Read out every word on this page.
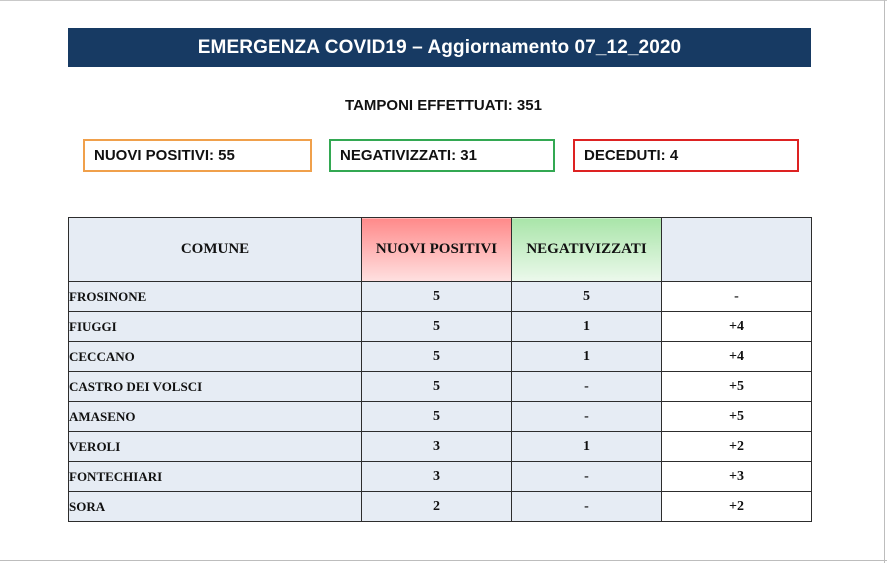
EMERGENZA COVID19 – Aggiornamento 07_12_2020
TAMPONI EFFETTUATI: 351
NUOVI POSITIVI: 55	NEGATIVIZZATI: 31	DECEDUTI: 4
COMUNE	NUOVI POSITIVI	NEGATIVIZZATI	
FROSINONE	5	5	-
FIUGGI	5	1	+4
CECCANO	5	1	+4
CASTRO DEI VOLSCI	5	-	+5
AMASENO	5	-	+5
VEROLI	3	1	+2
FONTECHIARI	3	-	+3
SORA	2	-	+2
